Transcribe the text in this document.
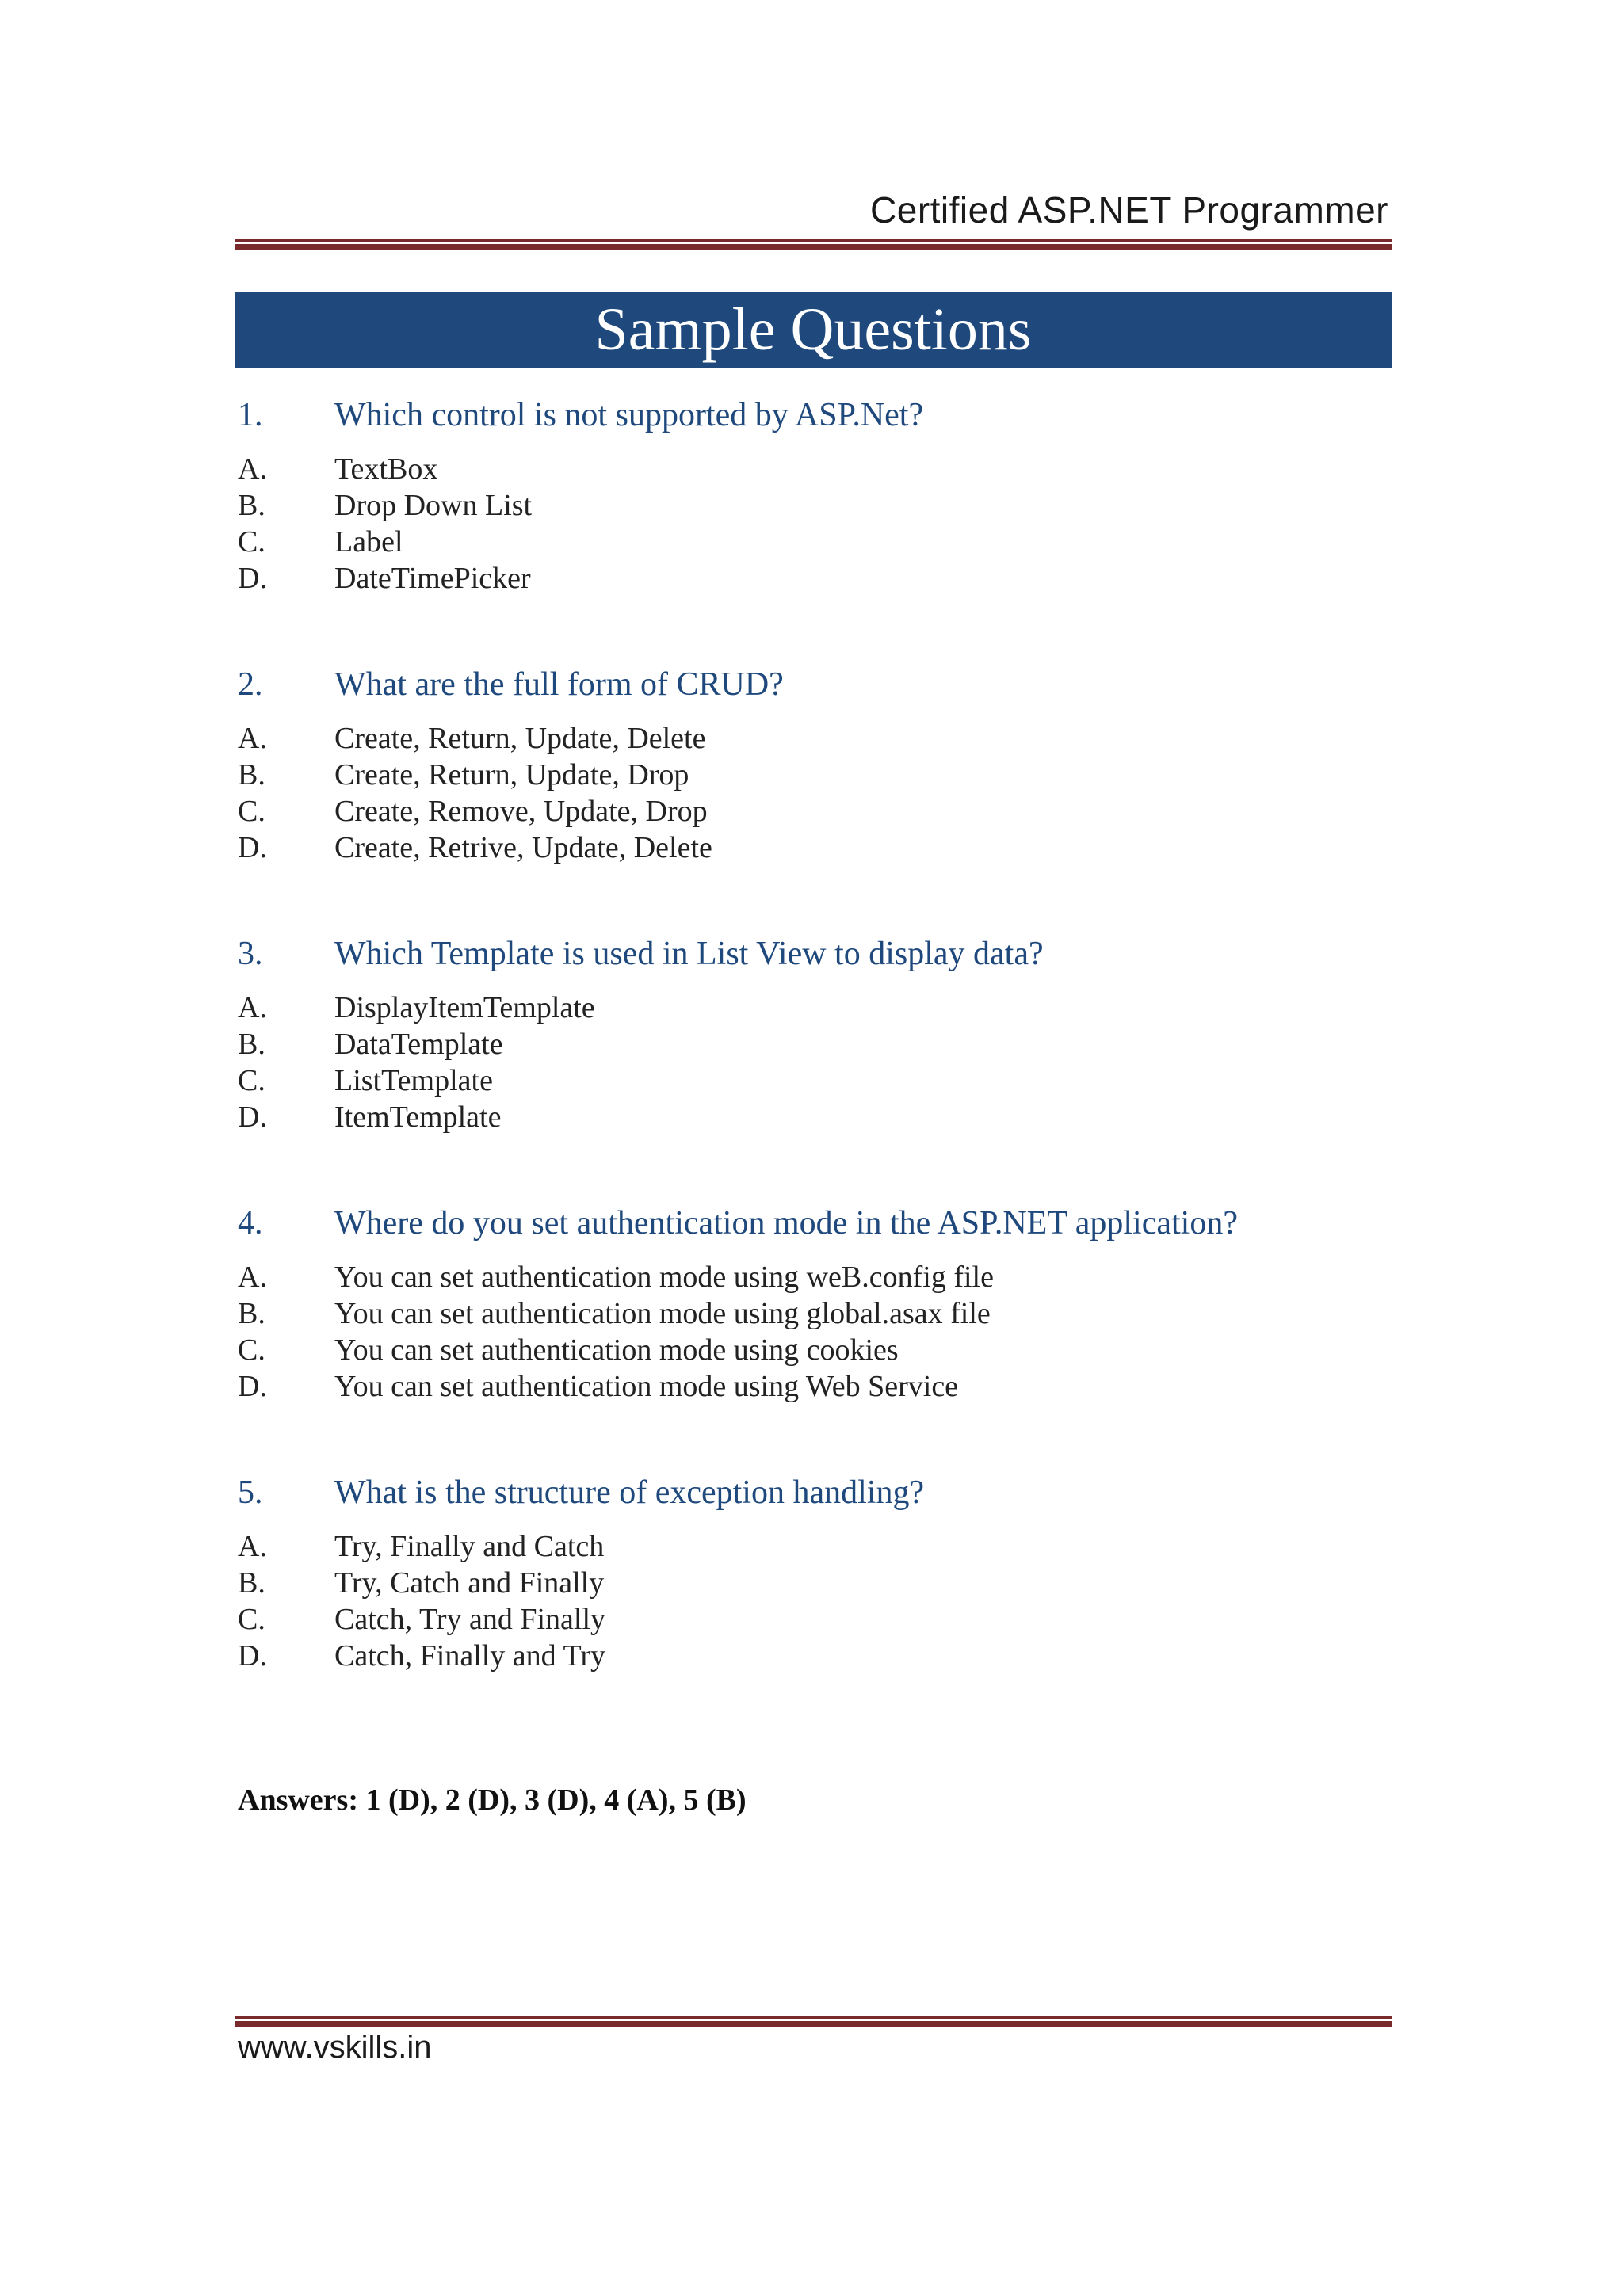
Certified ASP.NET Programmer
Sample Questions
1.	Which control is not supported by ASP.Net?
A.	TextBox
B.	Drop Down List
C.	Label
D.	DateTimePicker
2.	What are the full form of CRUD?
A.	Create, Return, Update, Delete
B.	Create, Return, Update, Drop
C.	Create, Remove, Update, Drop
D.	Create, Retrive, Update, Delete
3.	Which Template is used in List View to display data?
A.	DisplayItemTemplate
B.	DataTemplate
C.	ListTemplate
D.	ItemTemplate
4.	Where do you set authentication mode in the ASP.NET application?
A.	You can set authentication mode using weB.config file
B.	You can set authentication mode using global.asax file
C.	You can set authentication mode using cookies
D.	You can set authentication mode using Web Service
5.	What is the structure of exception handling?
A.	Try, Finally and Catch
B.	Try, Catch and Finally
C.	Catch, Try and Finally
D.	Catch, Finally and Try
Answers: 1 (D), 2 (D), 3 (D), 4 (A), 5 (B)
www.vskills.in
